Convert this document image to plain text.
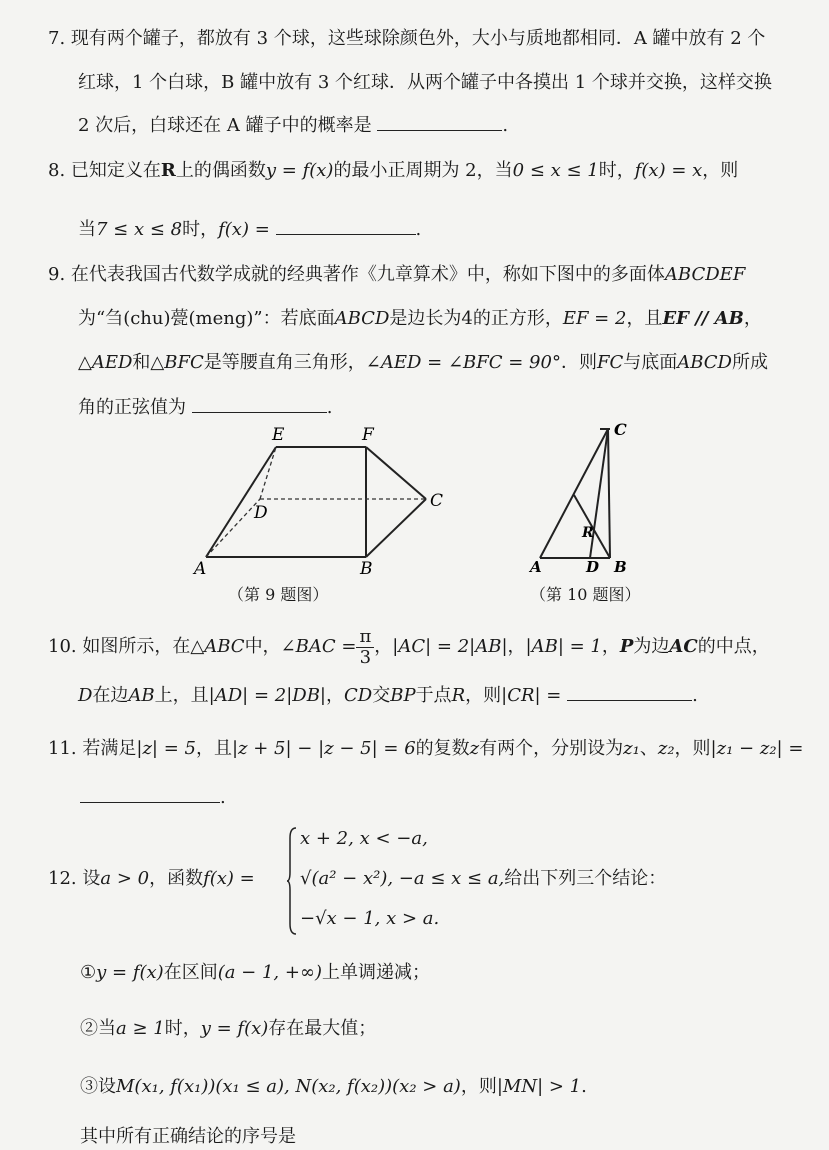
7. 现有两个罐子，都放有 3 个球，这些球除颜色外，大小与质地都相同．A 罐中放有 2 个
红球，1 个白球，B 罐中放有 3 个红球．从两个罐子中各摸出 1 个球并交换，这样交换
2 次后，白球还在 A 罐子中的概率是	.
8. 已知定义在R上的偶函数y = f(x)的最小正周期为 2，当0 ≤ x ≤ 1时，f(x) = x，则
当7 ≤ x ≤ 8时，f(x) =	.
9. 在代表我国古代数学成就的经典著作《九章算术》中，称如下图中的多面体ABCDEF
为“刍(chu)甍(meng)”：若底面ABCD是边长为4的正方形，EF = 2，且EF // AB，
△AED和△BFC是等腰直角三角形，∠AED = ∠BFC = 90°．则FC与底面ABCD所成
角的正弦值为	.
E	F
D
C
A	B
（第 9 题图）
C
R
A	D B
（第 10 题图）
10. 如图所示，在△ABC中，∠BAC = $\frac{\pi}{3}$ ，|AC| = 2|AB|，|AB| = 1，P为边AC的中点，
D在边AB上，且|AD| = 2|DB|，CD交BP于点R，则|CR| =	.
11. 若满足|z| = 5，且|z + 5| − |z − 5| = 6的复数z有两个，分别设为z₁、z₂，则|z₁ − z₂| =
.
12. 设a > 0，函数f(x) =
x + 2, x < −a,
√(a² − x²), −a ≤ x ≤ a,给出下列三个结论：
−√x − 1, x > a.
①y = f(x)在区间(a − 1, +∞)上单调递减；
②当a ≥ 1时，y = f(x)存在最大值；
③设M(x₁, f(x₁))(x₁ ≤ a), N(x₂, f(x₂))(x₂ > a)，则|MN| > 1.
其中所有正确结论的序号是
